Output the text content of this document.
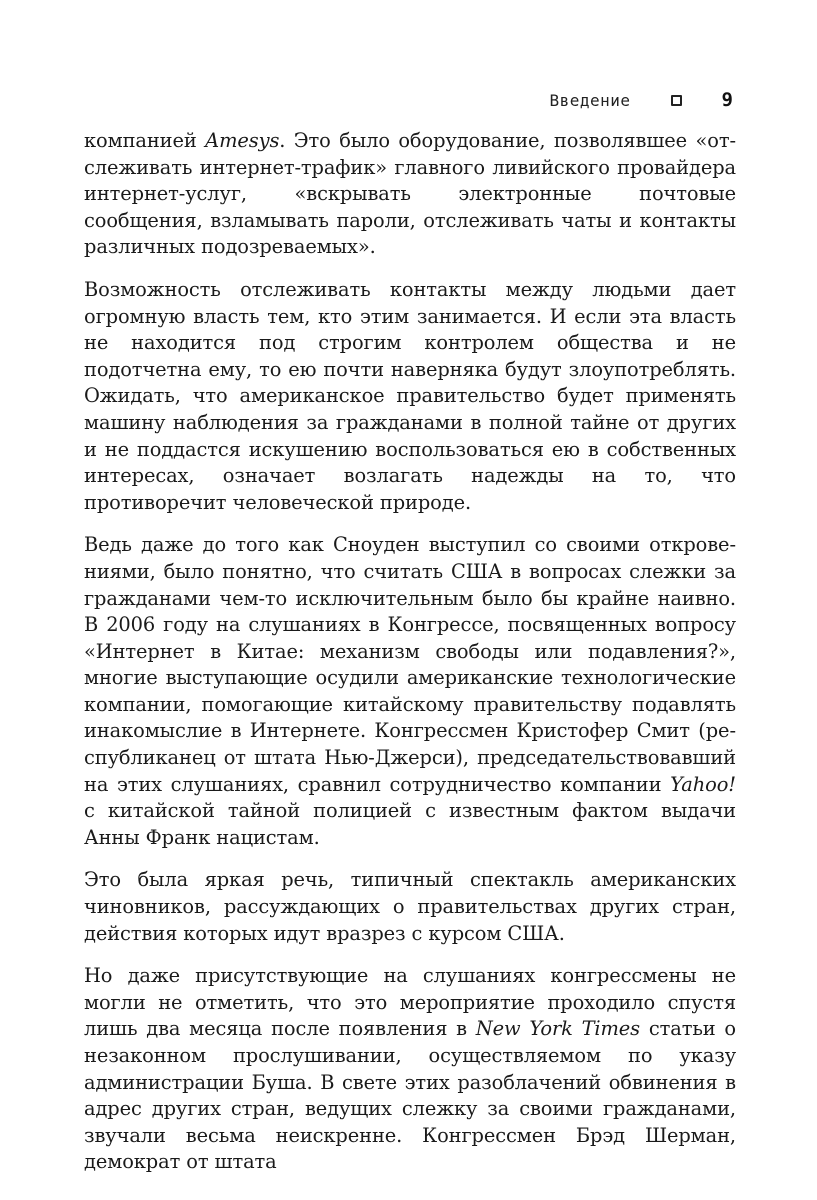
Введение	9

компанией Amesys. Это было оборудование, позволявшее «отслеживать интернет-трафик» главного ливийского провайдера интернет-услуг, «вскрывать электронные почтовые сообщения, взламывать пароли, отслеживать чаты и контакты различных подозреваемых».

Возможность отслеживать контакты между людьми дает огромную власть тем, кто этим занимается. И если эта власть не находится под строгим контролем общества и не подотчетна ему, то ею почти наверняка будут злоупотреблять. Ожидать, что американское правительство будет применять машину наблюдения за гражданами в полной тайне от других и не поддастся искушению воспользоваться ею в собственных интересах, означает возлагать надежды на то, что противоречит человеческой природе.

Ведь даже до того как Сноуден выступил со своими откровениями, было понятно, что считать США в вопросах слежки за гражданами чем-то исключительным было бы крайне наивно. В 2006 году на слушаниях в Конгрессе, посвященных вопросу «Интернет в Китае: механизм свободы или подавления?», многие выступающие осудили американские технологические компании, помогающие китайскому правительству подавлять инакомыслие в Интернете. Конгрессмен Кристофер Смит (республиканец от штата Нью-Джерси), председательствовавший на этих слушаниях, сравнил сотрудничество компании Yahoo! с китайской тайной полицией с известным фактом выдачи Анны Франк нацистам.

Это была яркая речь, типичный спектакль американских чиновников, рассуждающих о правительствах других стран, действия которых идут вразрез с курсом США.

Но даже присутствующие на слушаниях конгрессмены не могли не отметить, что это мероприятие проходило спустя лишь два месяца после появления в New York Times статьи о незаконном прослушивании, осуществляемом по указу администрации Буша. В свете этих разоблачений обвинения в адрес других стран, ведущих слежку за своими гражданами, звучали весьма неискренне. Конгрессмен Брэд Шерман, демократ от штата
